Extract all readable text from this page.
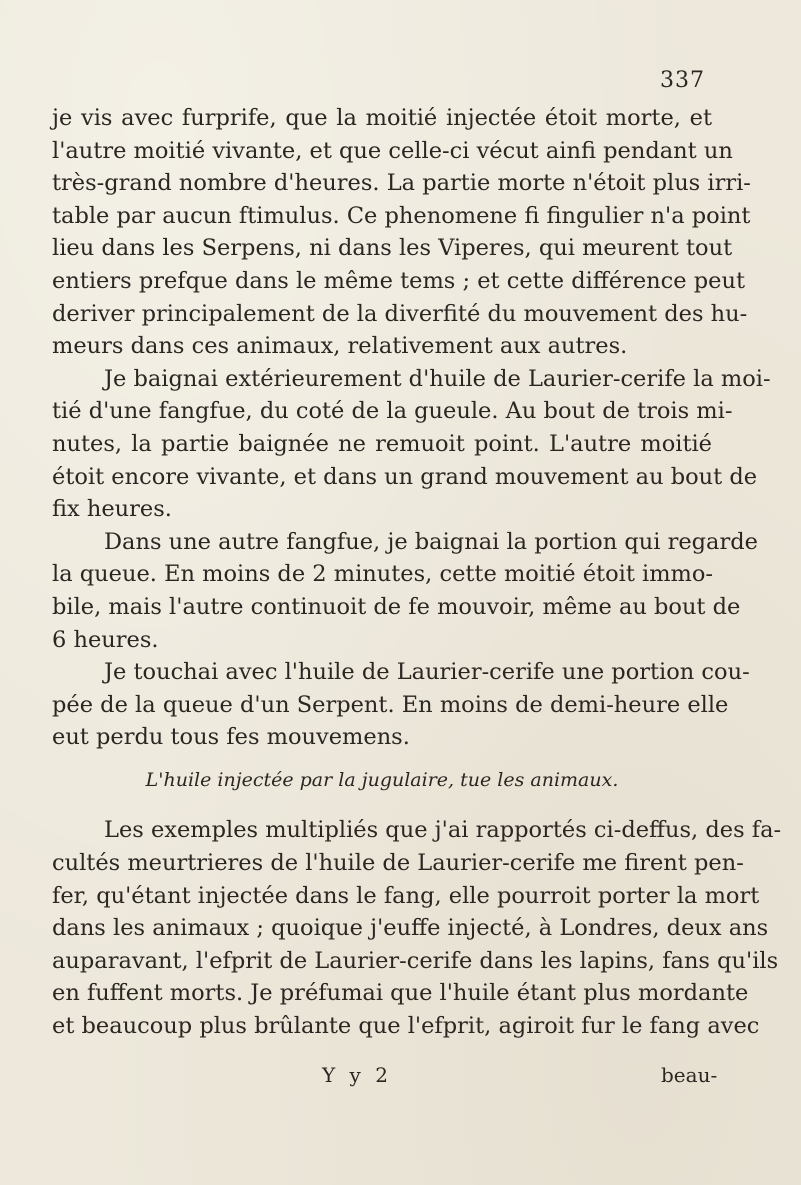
337
je vis avec furprife, que la moitié injectée étoit morte, et
l'autre moitié vivante, et que celle-ci vécut ainfi pendant un
très-grand nombre d'heures. La partie morte n'étoit plus irri-
table par aucun ftimulus. Ce phenomene fi fingulier n'a point
lieu dans les Serpens, ni dans les Viperes, qui meurent tout
entiers prefque dans le même tems ; et cette différence peut
deriver principalement de la diverfité du mouvement des hu-
meurs dans ces animaux, relativement aux autres.
Je baignai extérieurement d'huile de Laurier-cerife la moi-
tié d'une fangfue, du coté de la gueule. Au bout de trois mi-
nutes, la partie baignée ne remuoit point. L'autre moitié
étoit encore vivante, et dans un grand mouvement au bout de
fix heures.
Dans une autre fangfue, je baignai la portion qui regarde
la queue. En moins de 2 minutes, cette moitié étoit immo-
bile, mais l'autre continuoit de fe mouvoir, même au bout de
6 heures.
Je touchai avec l'huile de Laurier-cerife une portion cou-
pée de la queue d'un Serpent. En moins de demi-heure elle
eut perdu tous fes mouvemens.
L'huile injectée par la jugulaire, tue les animaux.
Les exemples multipliés que j'ai rapportés ci-deffus, des fa-
cultés meurtrieres de l'huile de Laurier-cerife me firent pen-
fer, qu'étant injectée dans le fang, elle pourroit porter la mort
dans les animaux ; quoique j'euffe injecté, à Londres, deux ans
auparavant, l'efprit de Laurier-cerife dans les lapins, fans qu'ils
en fuffent morts. Je préfumai que l'huile étant plus mordante
et beaucoup plus brûlante que l'efprit, agiroit fur le fang avec
Y y 2	beau-
